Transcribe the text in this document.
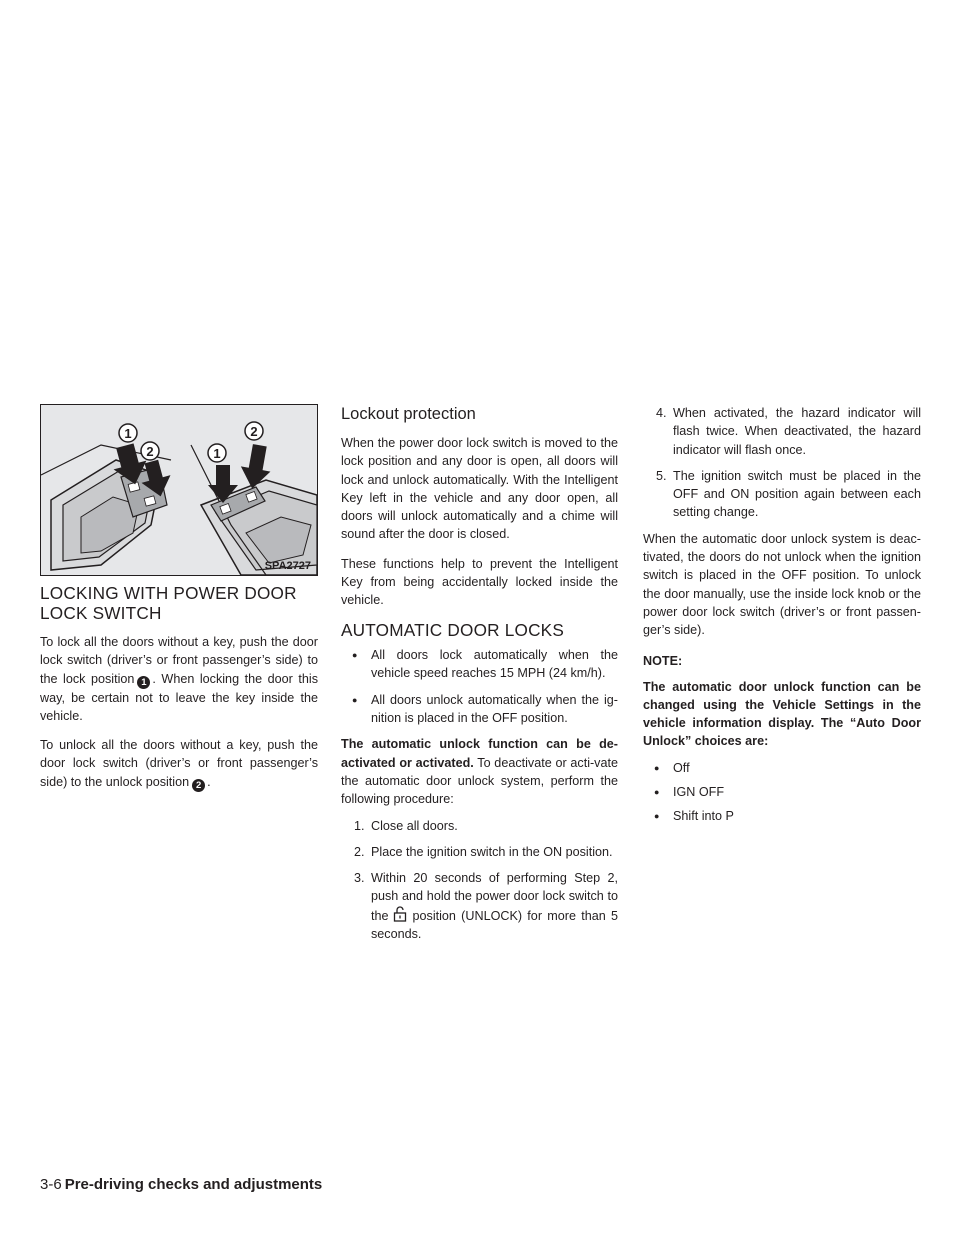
1
2	1
2
SPA2727
LOCKING WITH POWER DOOR LOCK SWITCH

To lock all the doors without a key, push the door lock switch (driver’s or front passenger’s side) to the lock position 1 . When locking the door this way, be certain not to leave the key inside the vehicle.

To unlock all the doors without a key, push the door lock switch (driver’s or front passenger’s side) to the unlock position 2 .

Lockout protection

When the power door lock switch is moved to the lock position and any door is open, all doors will lock and unlock automatically. With the Intelligent Key left in the vehicle and any door open, all doors will unlock automatically and a chime will sound after the door is closed.

These functions help to prevent the Intelligent Key from being accidentally locked inside the vehicle.

AUTOMATIC DOOR LOCKS
● All doors lock automatically when the vehicle speed reaches 15 MPH (24 km/h).
● All doors unlock automatically when the ig-nition is placed in the OFF position.

The automatic unlock function can be de-activated or activated. To deactivate or acti-vate the automatic door unlock system, perform the following procedure:

1. Close all doors.
2. Place the ignition switch in the ON position.
3. Within 20 seconds of performing Step 2, push and hold the power door lock switch to the position (UNLOCK) for more than 5 seconds.
4. When activated, the hazard indicator will flash twice. When deactivated, the hazard indicator will flash once.
5. The ignition switch must be placed in the OFF and ON position again between each setting change.

When the automatic door unlock system is deac-tivated, the doors do not unlock when the ignition switch is placed in the OFF position. To unlock the door manually, use the inside lock knob or the power door lock switch (driver’s or front passen-ger’s side).

NOTE:

The automatic door unlock function can be changed using the Vehicle Settings in the vehicle information display. The “Auto Door Unlock” choices are:

● Off
● IGN OFF
● Shift into P
3-6 Pre-driving checks and adjustments
